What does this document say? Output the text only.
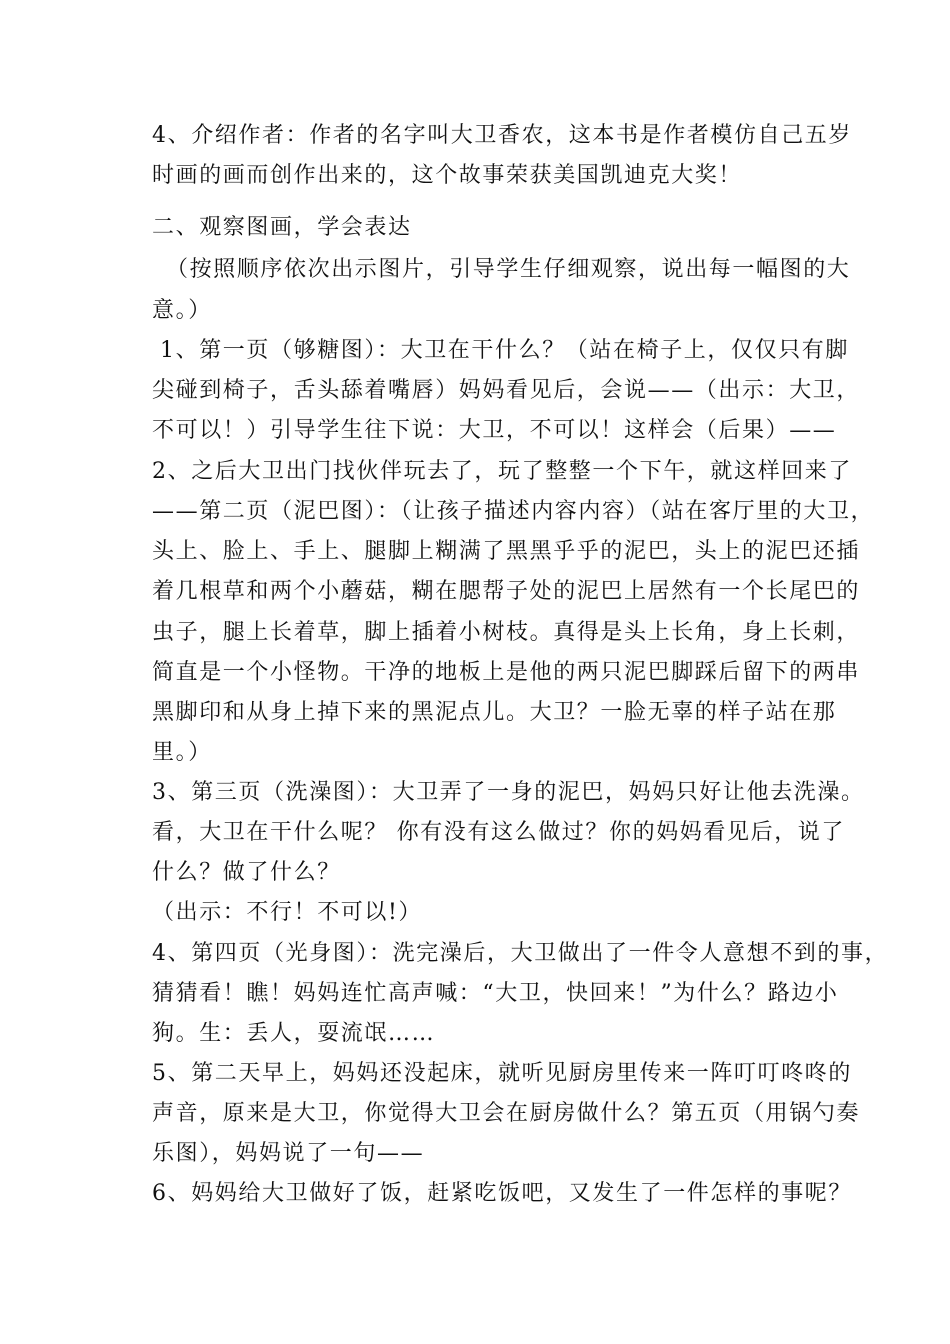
4、介绍作者：作者的名字叫大卫香农，这本书是作者模仿自己五岁
时画的画而创作出来的，这个故事荣获美国凯迪克大奖！
二、观察图画，学会表达
（按照顺序依次出示图片，引导学生仔细观察，说出每一幅图的大
意。）
1、第一页（够糖图）：大卫在干什么？（站在椅子上，仅仅只有脚
尖碰到椅子，舌头舔着嘴唇）妈妈看见后，会说——（出示：大卫，
不可以！）引导学生往下说：大卫，不可以！这样会（后果）——
2、之后大卫出门找伙伴玩去了，玩了整整一个下午，就这样回来了
——第二页（泥巴图）：（让孩子描述内容内容）（站在客厅里的大卫，
头上、脸上、手上、腿脚上糊满了黑黑乎乎的泥巴，头上的泥巴还插
着几根草和两个小蘑菇，糊在腮帮子处的泥巴上居然有一个长尾巴的
虫子，腿上长着草，脚上插着小树枝。真得是头上长角，身上长刺，
简直是一个小怪物。干净的地板上是他的两只泥巴脚踩后留下的两串
黑脚印和从身上掉下来的黑泥点儿。大卫？一脸无辜的样子站在那
里。）
3、第三页（洗澡图）：大卫弄了一身的泥巴，妈妈只好让他去洗澡。
看，大卫在干什么呢？ 你有没有这么做过？你的妈妈看见后，说了
什么？做了什么？
（出示：不行！不可以!）
4、第四页（光身图）：洗完澡后，大卫做出了一件令人意想不到的事，
猜猜看！瞧！妈妈连忙高声喊：“大卫，快回来！”为什么？路边小
狗。生：丢人，耍流氓……
5、第二天早上，妈妈还没起床，就听见厨房里传来一阵叮叮咚咚的
声音，原来是大卫，你觉得大卫会在厨房做什么？第五页（用锅勺奏
乐图），妈妈说了一句——
6、妈妈给大卫做好了饭，赶紧吃饭吧，又发生了一件怎样的事呢？
